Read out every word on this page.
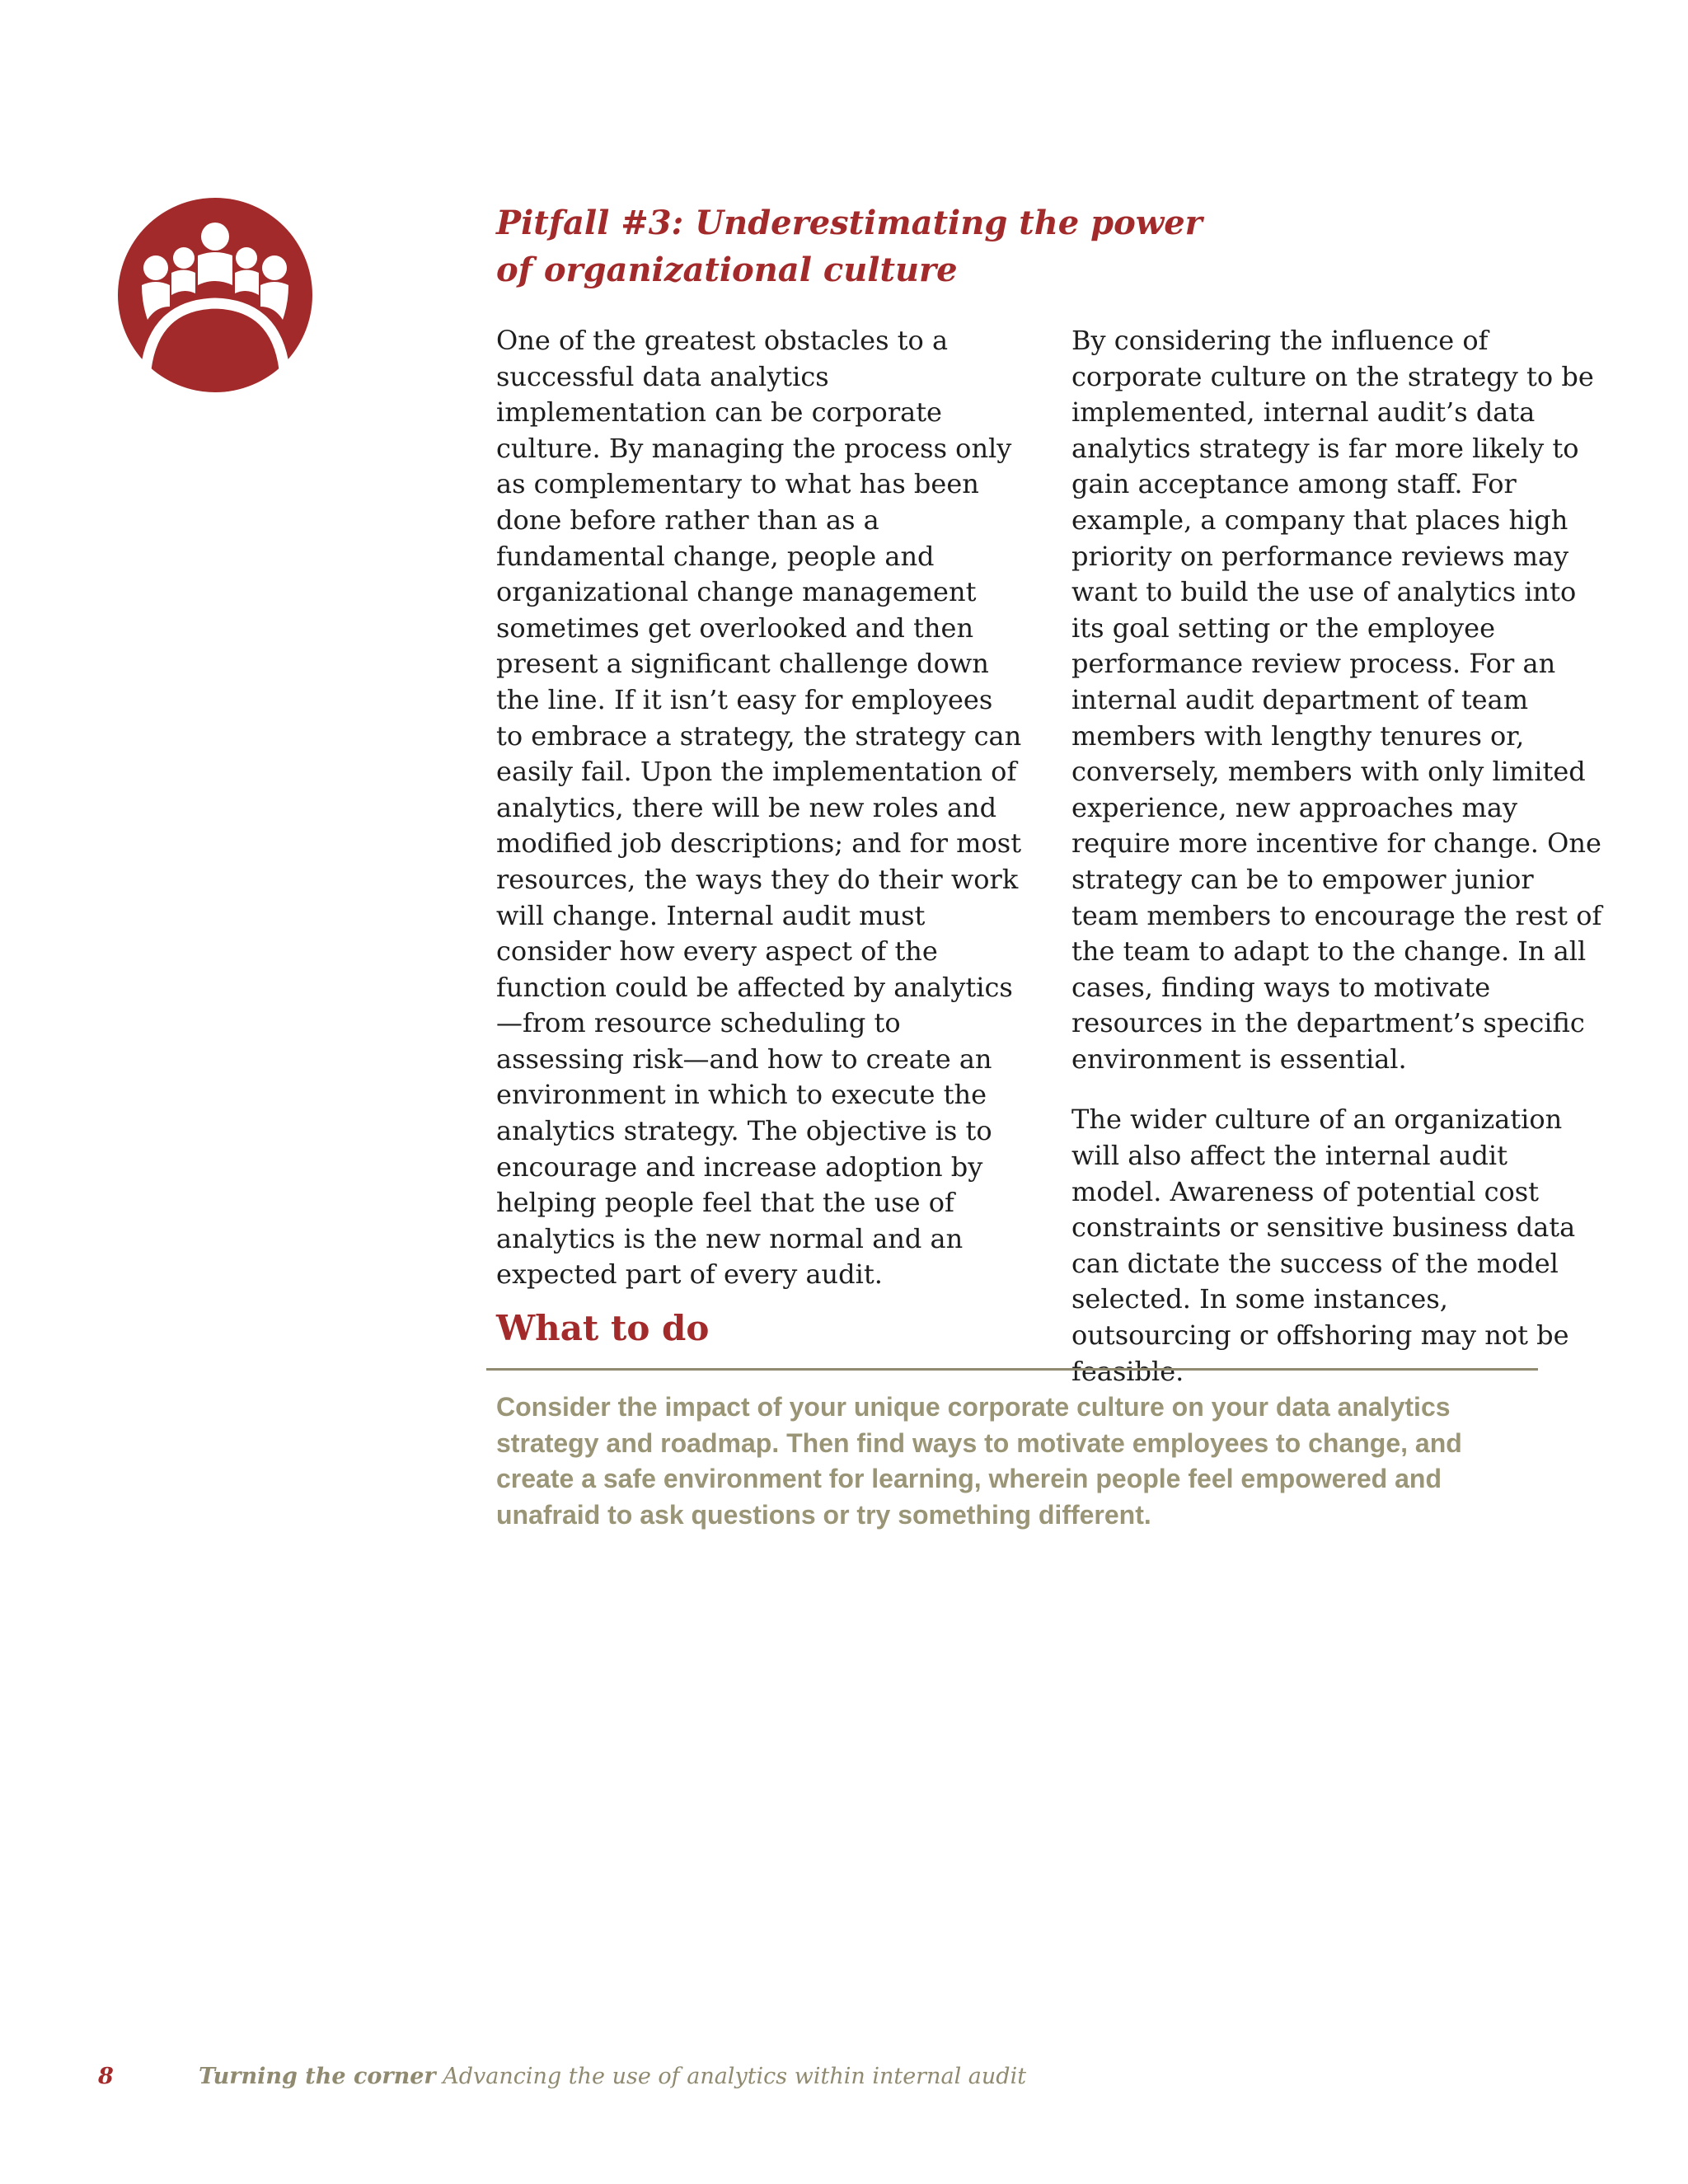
Pitfall #3: Underestimating the power of organizational culture

One of the greatest obstacles to a successful data analytics implementation can be corporate culture. By managing the process only as complementary to what has been done before rather than as a fundamental change, people and organizational change management sometimes get overlooked and then present a significant challenge down the line. If it isn’t easy for employees to embrace a strategy, the strategy can easily fail. Upon the implementation of analytics, there will be new roles and modified job descriptions; and for most resources, the ways they do their work will change. Internal audit must consider how every aspect of the function could be affected by analytics—from resource scheduling to assessing risk—and how to create an environment in which to execute the analytics strategy. The objective is to encourage and increase adoption by helping people feel that the use of analytics is the new normal and an expected part of every audit.

By considering the influence of corporate culture on the strategy to be implemented, internal audit’s data analytics strategy is far more likely to gain acceptance among staff. For example, a company that places high priority on performance reviews may want to build the use of analytics into its goal setting or the employee performance review process. For an internal audit department of team members with lengthy tenures or, conversely, members with only limited experience, new approaches may require more incentive for change. One strategy can be to empower junior team members to encourage the rest of the team to adapt to the change. In all cases, finding ways to motivate resources in the department’s specific environment is essential.

The wider culture of an organization will also affect the internal audit model. Awareness of potential cost constraints or sensitive business data can dictate the success of the model selected. In some instances, outsourcing or offshoring may not be feasible.

What to do

Consider the impact of your unique corporate culture on your data analytics strategy and roadmap. Then find ways to motivate employees to change, and create a safe environment for learning, wherein people feel empowered and unafraid to ask questions or try something different.

8	Turning the corner Advancing the use of analytics within internal audit
